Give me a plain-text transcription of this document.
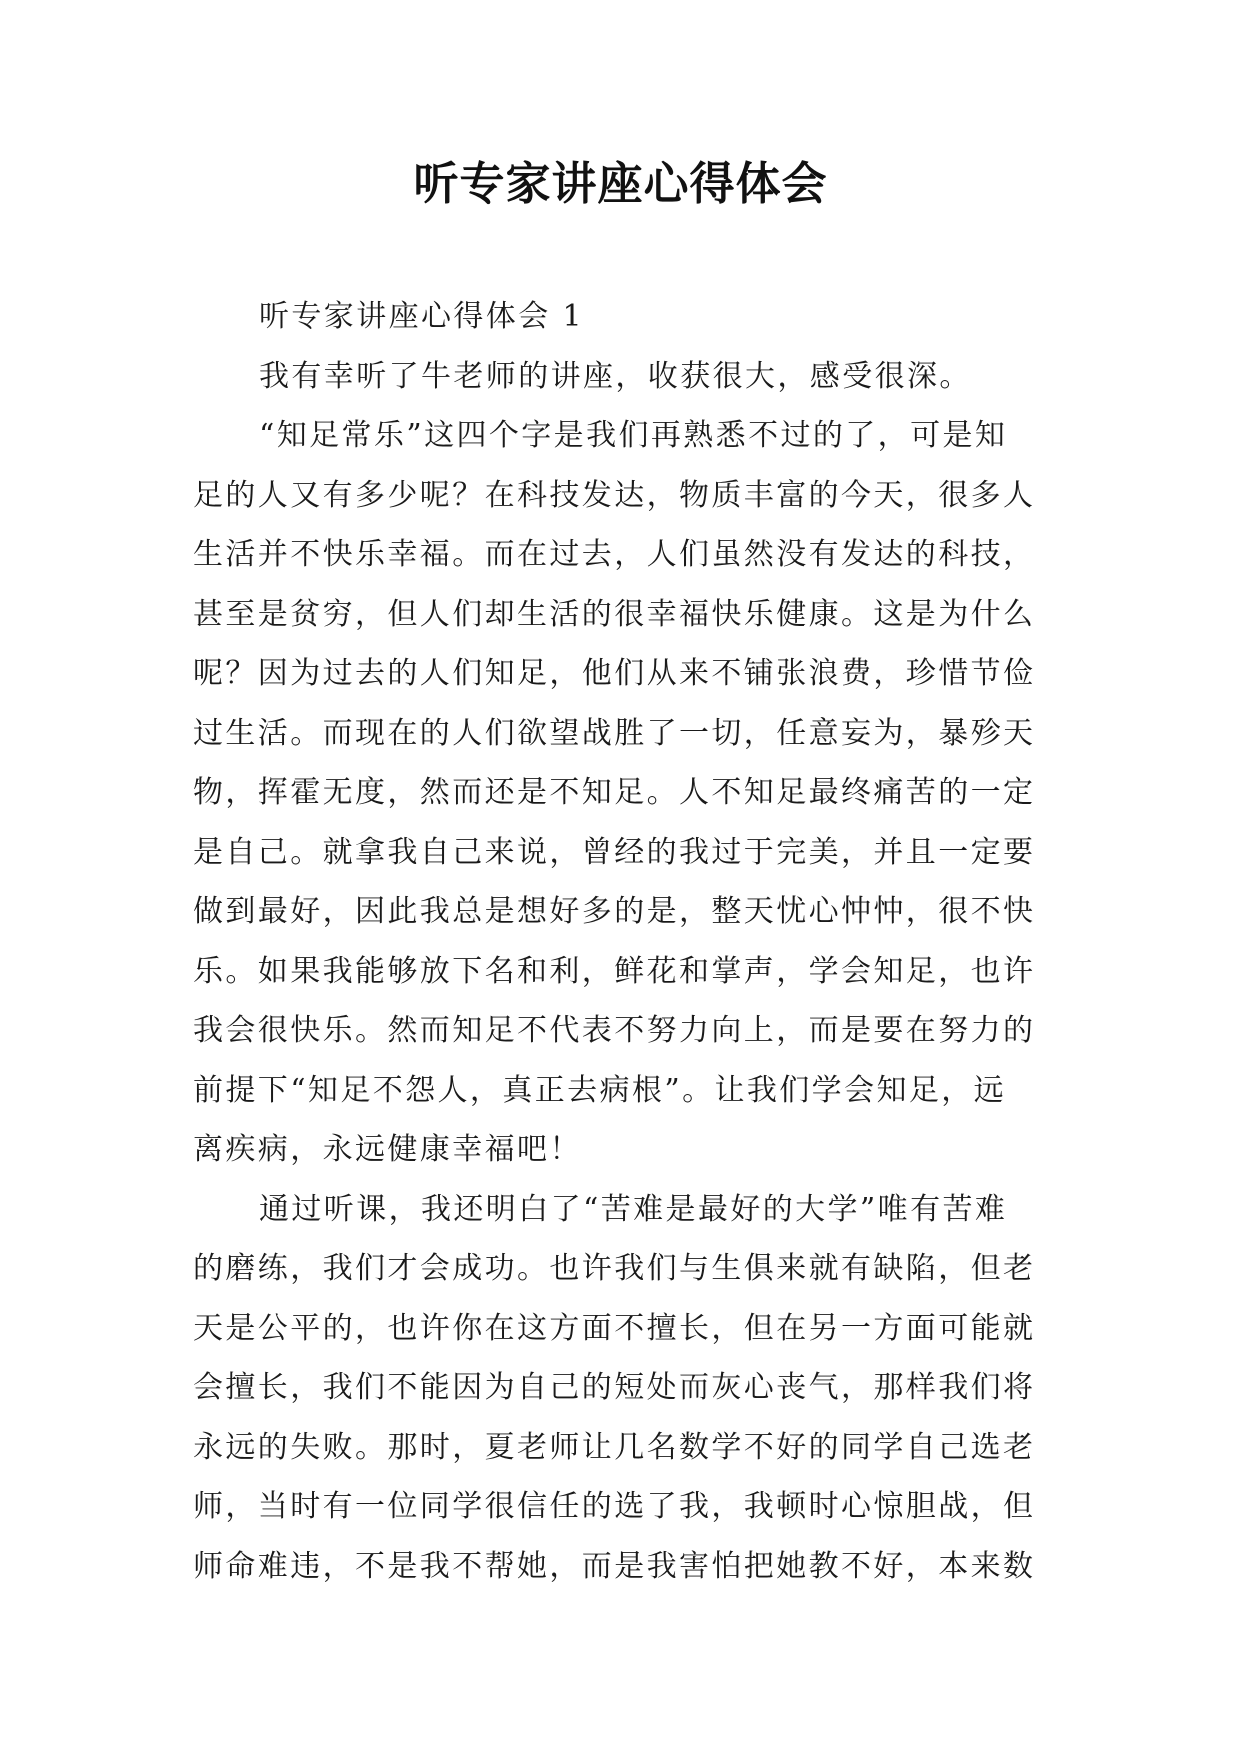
听专家讲座心得体会
听专家讲座心得体会 1
我有幸听了牛老师的讲座，收获很大，感受很深。
“知足常乐”这四个字是我们再熟悉不过的了，可是知
足的人又有多少呢？在科技发达，物质丰富的今天，很多人
生活并不快乐幸福。而在过去，人们虽然没有发达的科技，
甚至是贫穷，但人们却生活的很幸福快乐健康。这是为什么
呢？因为过去的人们知足，他们从来不铺张浪费，珍惜节俭
过生活。而现在的人们欲望战胜了一切，任意妄为，暴殄天
物，挥霍无度，然而还是不知足。人不知足最终痛苦的一定
是自己。就拿我自己来说，曾经的我过于完美，并且一定要
做到最好，因此我总是想好多的是，整天忧心忡忡，很不快
乐。如果我能够放下名和利，鲜花和掌声，学会知足，也许
我会很快乐。然而知足不代表不努力向上，而是要在努力的
前提下“知足不怨人，真正去病根”。让我们学会知足，远
离疾病，永远健康幸福吧！
通过听课，我还明白了“苦难是最好的大学”唯有苦难
的磨练，我们才会成功。也许我们与生俱来就有缺陷，但老
天是公平的，也许你在这方面不擅长，但在另一方面可能就
会擅长，我们不能因为自己的短处而灰心丧气，那样我们将
永远的失败。那时，夏老师让几名数学不好的同学自己选老
师，当时有一位同学很信任的选了我，我顿时心惊胆战，但
师命难违，不是我不帮她，而是我害怕把她教不好，本来数
